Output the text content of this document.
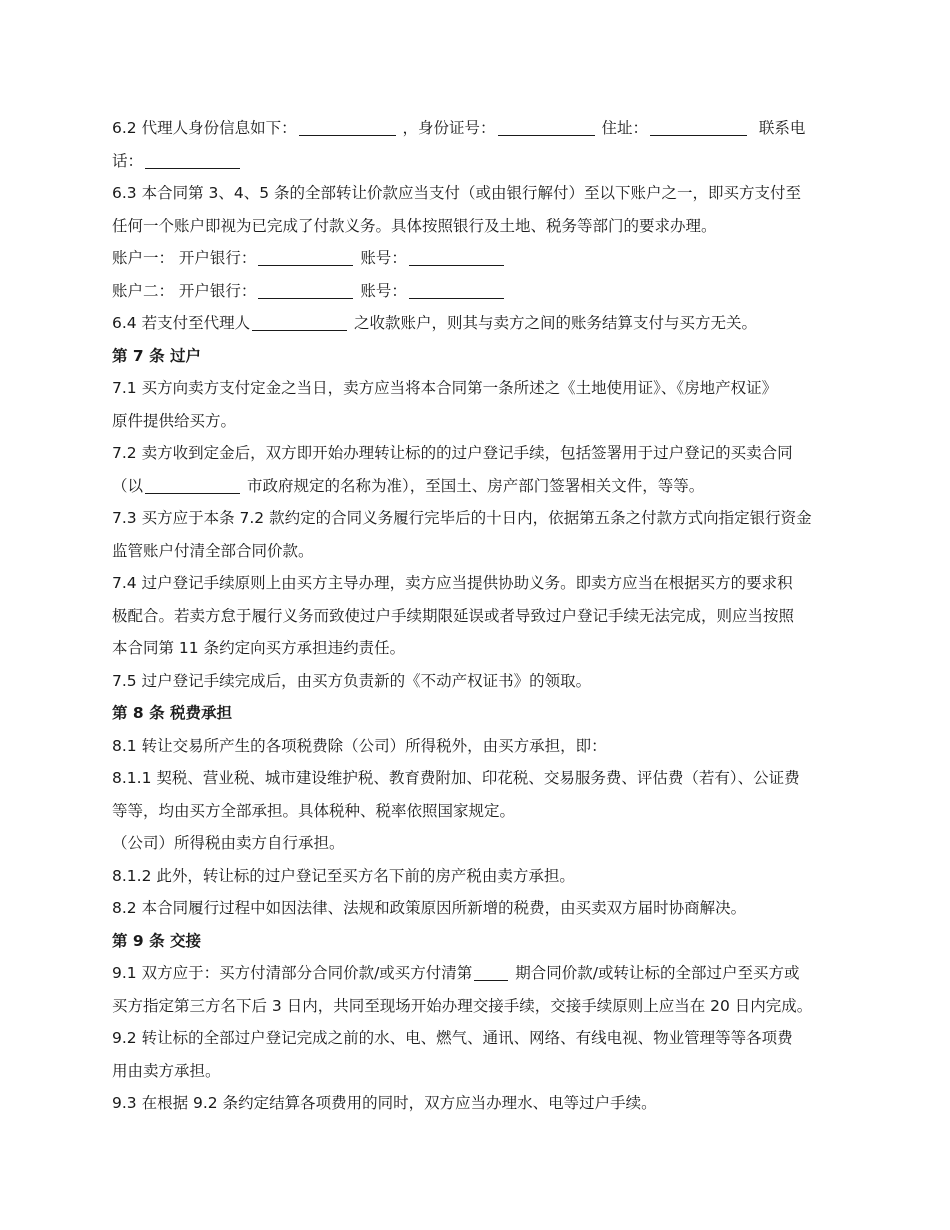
6.2 代理人身份信息如下：	，身份证号：	住址：	联系电
话：
6.3 本合同第 3、4、5 条的全部转让价款应当支付（或由银行解付）至以下账户之一，即买方支付至
任何一个账户即视为已完成了付款义务。具体按照银行及土地、税务等部门的要求办理。
账户一： 开户银行：	账号：
账户二： 开户银行：	账号：
6.4 若支付至代理人	之收款账户，则其与卖方之间的账务结算支付与买方无关。
第 7 条 过户
7.1 买方向卖方支付定金之当日，卖方应当将本合同第一条所述之《土地使用证》、《房地产权证》
原件提供给买方。
7.2 卖方收到定金后，双方即开始办理转让标的的过户登记手续，包括签署用于过户登记的买卖合同
（以	市政府规定的名称为准），至国土、房产部门签署相关文件，等等。
7.3 买方应于本条 7.2 款约定的合同义务履行完毕后的十日内，依据第五条之付款方式向指定银行资金
监管账户付清全部合同价款。
7.4 过户登记手续原则上由买方主导办理，卖方应当提供协助义务。即卖方应当在根据买方的要求积
极配合。若卖方怠于履行义务而致使过户手续期限延误或者导致过户登记手续无法完成，则应当按照
本合同第 11 条约定向买方承担违约责任。
7.5 过户登记手续完成后，由买方负责新的《不动产权证书》的领取。
第 8 条 税费承担
8.1 转让交易所产生的各项税费除（公司）所得税外，由买方承担，即：
8.1.1 契税、营业税、城市建设维护税、教育费附加、印花税、交易服务费、评估费（若有）、公证费
等等，均由买方全部承担。具体税种、税率依照国家规定。
（公司）所得税由卖方自行承担。
8.1.2 此外，转让标的过户登记至买方名下前的房产税由卖方承担。
8.2 本合同履行过程中如因法律、法规和政策原因所新增的税费，由买卖双方届时协商解决。
第 9 条 交接
9.1 双方应于：买方付清部分合同价款/或买方付清第	期合同价款/或转让标的全部过户至买方或
买方指定第三方名下后 3 日内，共同至现场开始办理交接手续，交接手续原则上应当在 20 日内完成。
9.2 转让标的全部过户登记完成之前的水、电、燃气、通讯、网络、有线电视、物业管理等等各项费
用由卖方承担。
9.3 在根据 9.2 条约定结算各项费用的同时，双方应当办理水、电等过户手续。
